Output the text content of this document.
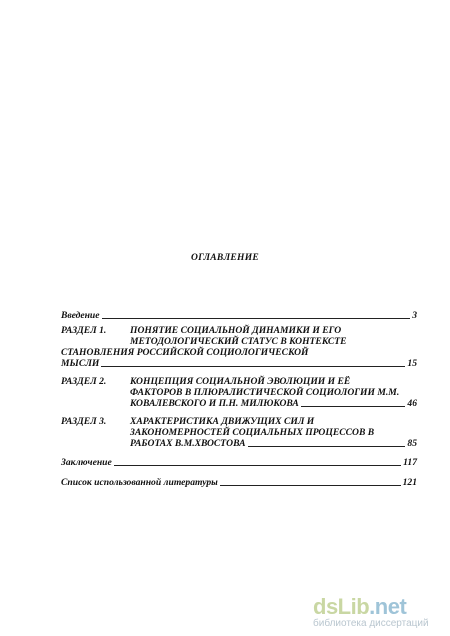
ОГЛАВЛЕНИЕ
Введение	3
РАЗДЕЛ 1.	ПОНЯТИЕ СОЦИАЛЬНОЙ ДИНАМИКИ И ЕГО
МЕТОДОЛОГИЧЕСКИЙ СТАТУС В КОНТЕКСТЕ
СТАНОВЛЕНИЯ РОССИЙСКОЙ СОЦИОЛОГИЧЕСКОЙ
МЫСЛИ	15
РАЗДЕЛ 2.	КОНЦЕПЦИЯ СОЦИАЛЬНОЙ ЭВОЛЮЦИИ И ЕЁ
ФАКТОРОВ В ПЛЮРАЛИСТИЧЕСКОЙ СОЦИОЛОГИИ М.М.
КОВАЛЕВСКОГО И П.Н. МИЛЮКОВА	46
РАЗДЕЛ 3.	ХАРАКТЕРИСТИКА ДВИЖУЩИХ СИЛ И
ЗАКОНОМЕРНОСТЕЙ СОЦИАЛЬНЫХ ПРОЦЕССОВ В
РАБОТАХ В.М.ХВОСТОВА	85
Заключение	117
Список использованной литературы	121
dsLib.net
библиотека диссертаций
